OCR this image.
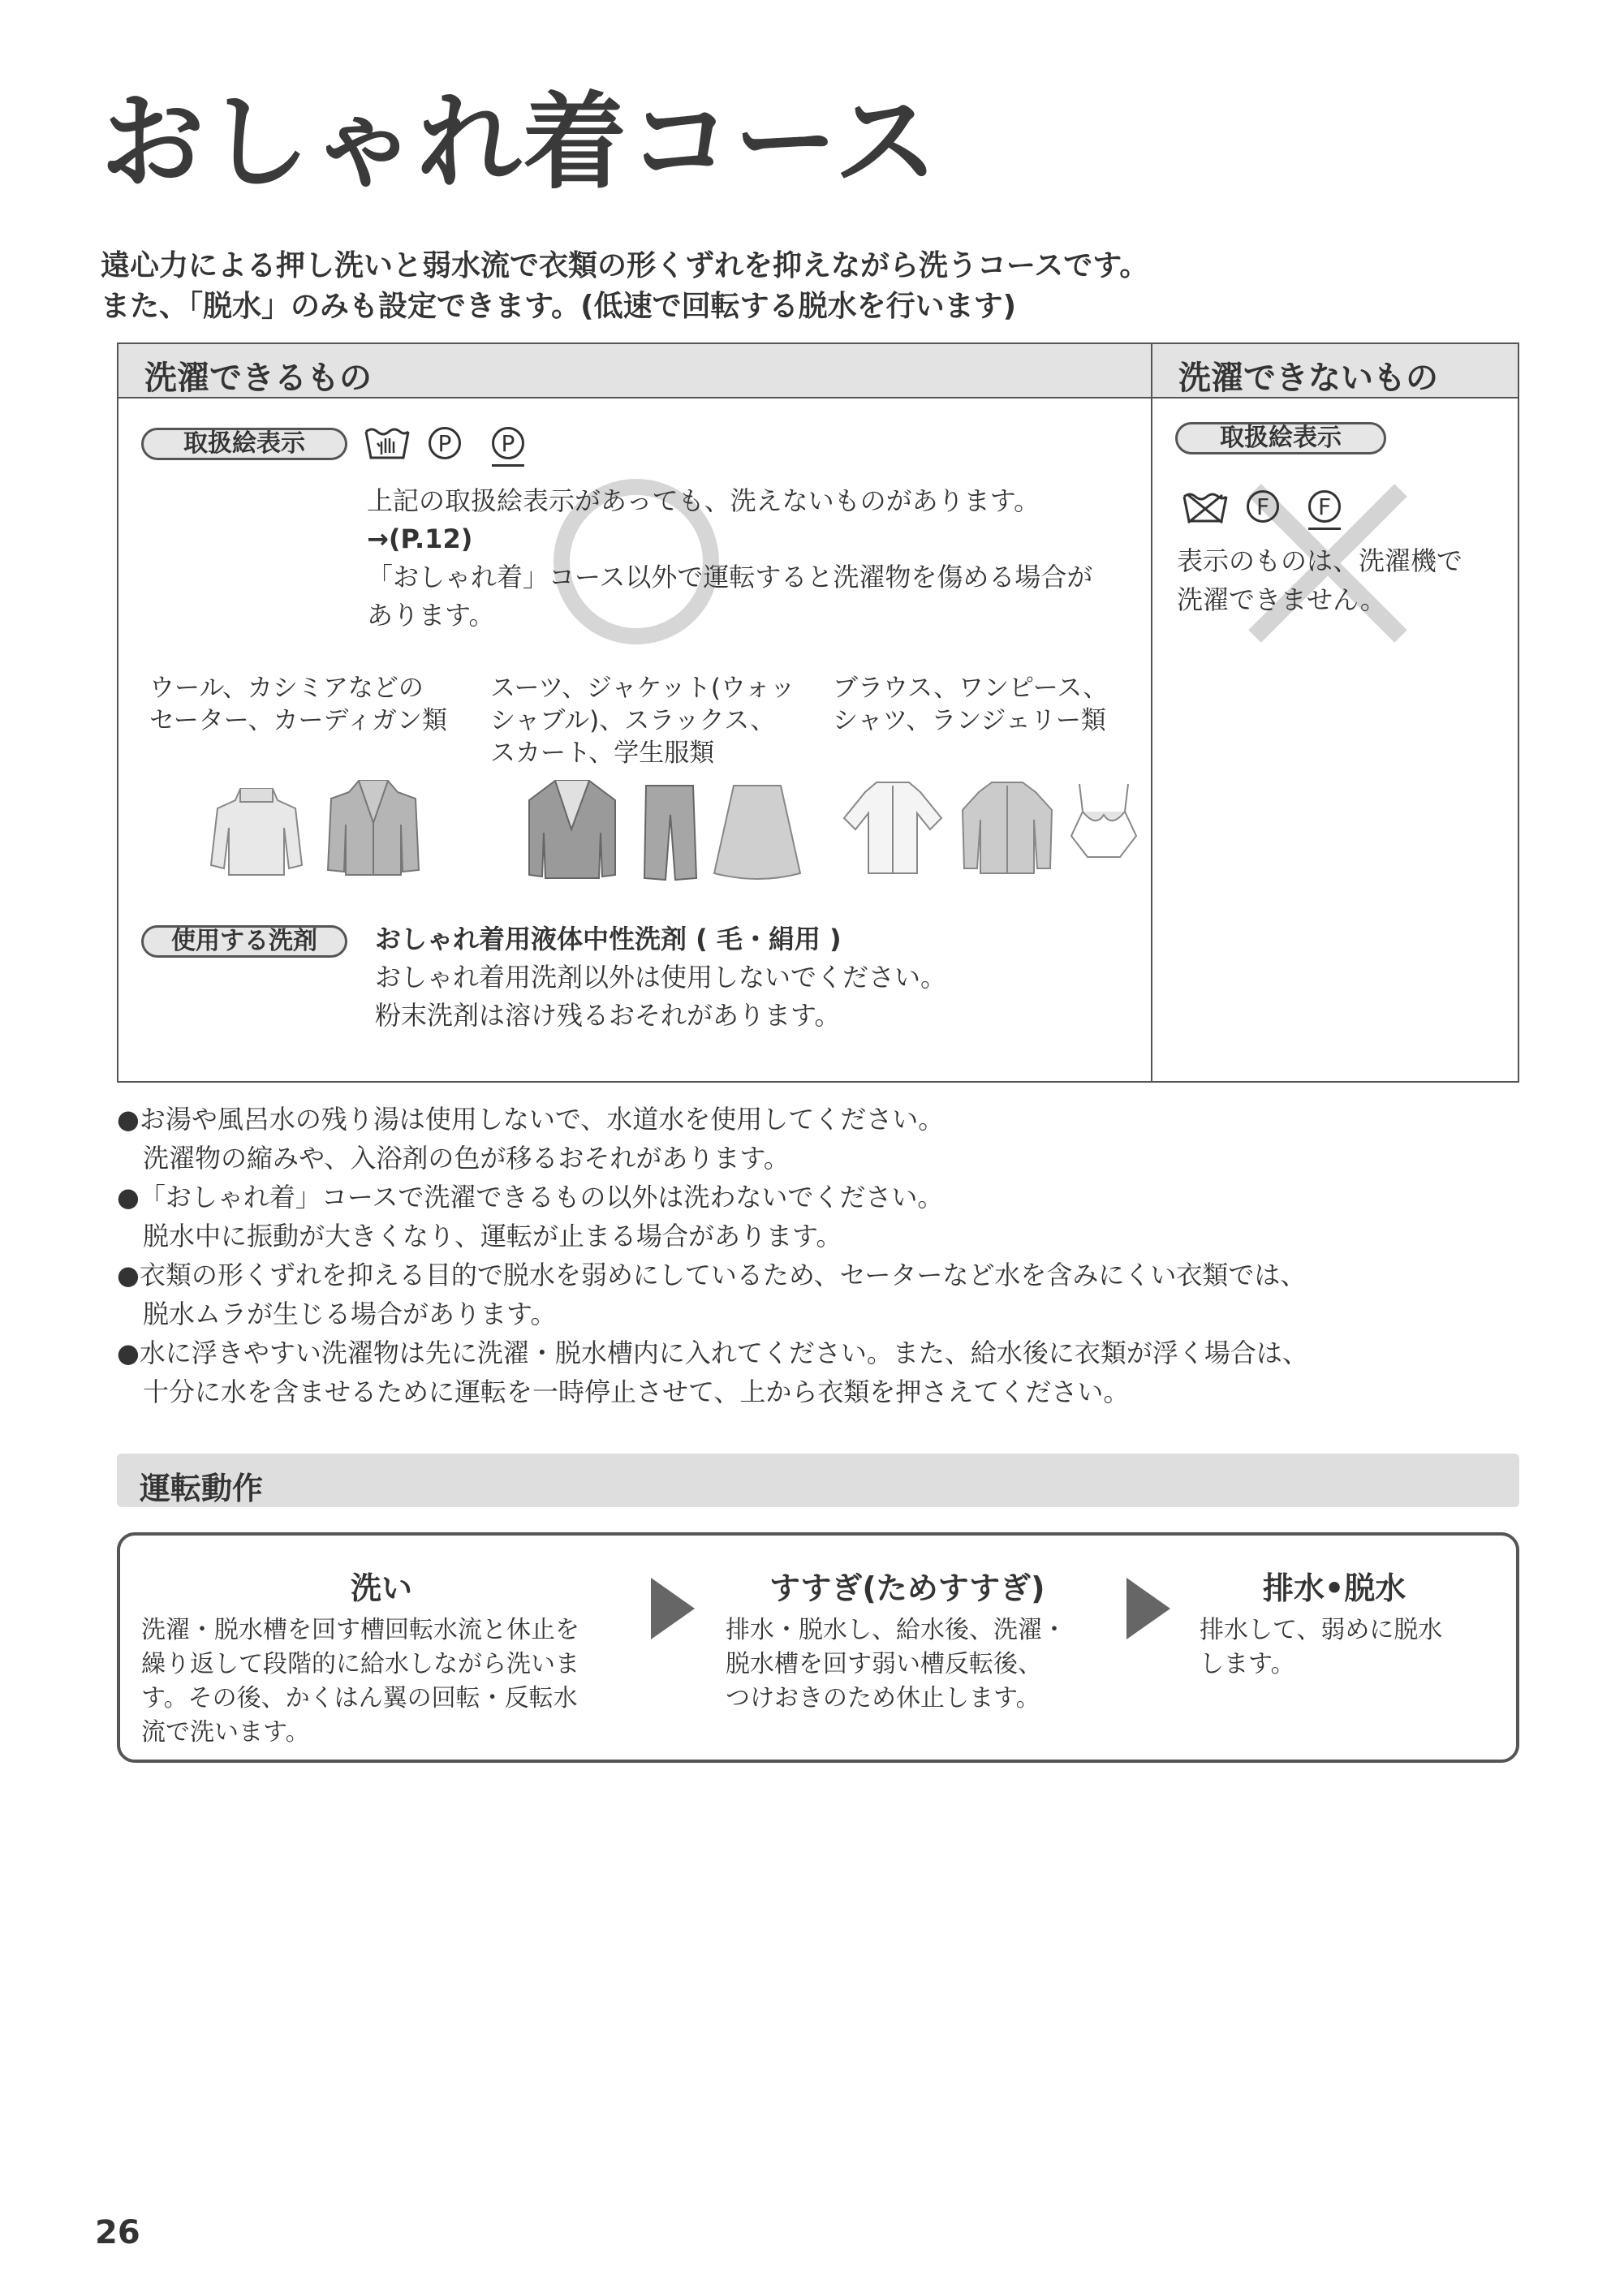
おしゃれ着コース
遠心力による押し洗いと弱水流で衣類の形くずれを抑えながら洗うコースです。
また、「脱水」のみも設定できます。(低速で回転する脱水を行います)
洗濯できるもの	洗濯できないもの
取扱絵表示	P	P
上記の取扱絵表示があっても、洗えないものがあります。
→(P.12)
「おしゃれ着」コース以外で運転すると洗濯物を傷める場合が
あります。
ウール、カシミアなどの
セーター、カーディガン類
スーツ、ジャケット(ウォッ
シャブル)、スラックス、
スカート、学生服類
ブラウス、ワンピース、
シャツ、ランジェリー類
使用する洗剤	おしゃれ着用液体中性洗剤 ( 毛・絹用 )
おしゃれ着用洗剤以外は使用しないでください。
粉末洗剤は溶け残るおそれがあります。
取扱絵表示
F	F
表示のものは、洗濯機で
洗濯できません。
●お湯や風呂水の残り湯は使用しないで、水道水を使用してください。
洗濯物の縮みや、入浴剤の色が移るおそれがあります。
●「おしゃれ着」コースで洗濯できるもの以外は洗わないでください。
脱水中に振動が大きくなり、運転が止まる場合があります。
●衣類の形くずれを抑える目的で脱水を弱めにしているため、セーターなど水を含みにくい衣類では、
脱水ムラが生じる場合があります。
●水に浮きやすい洗濯物は先に洗濯・脱水槽内に入れてください。また、給水後に衣類が浮く場合は、
十分に水を含ませるために運転を一時停止させて、上から衣類を押さえてください。
運転動作
洗い
洗濯・脱水槽を回す槽回転水流と休止を
繰り返して段階的に給水しながら洗いま
す。その後、かくはん翼の回転・反転水
流で洗います。
すすぎ(ためすすぎ)
排水・脱水し、給水後、洗濯・
脱水槽を回す弱い槽反転後、
つけおきのため休止します。
排水•脱水
排水して、弱めに脱水
します。
26
